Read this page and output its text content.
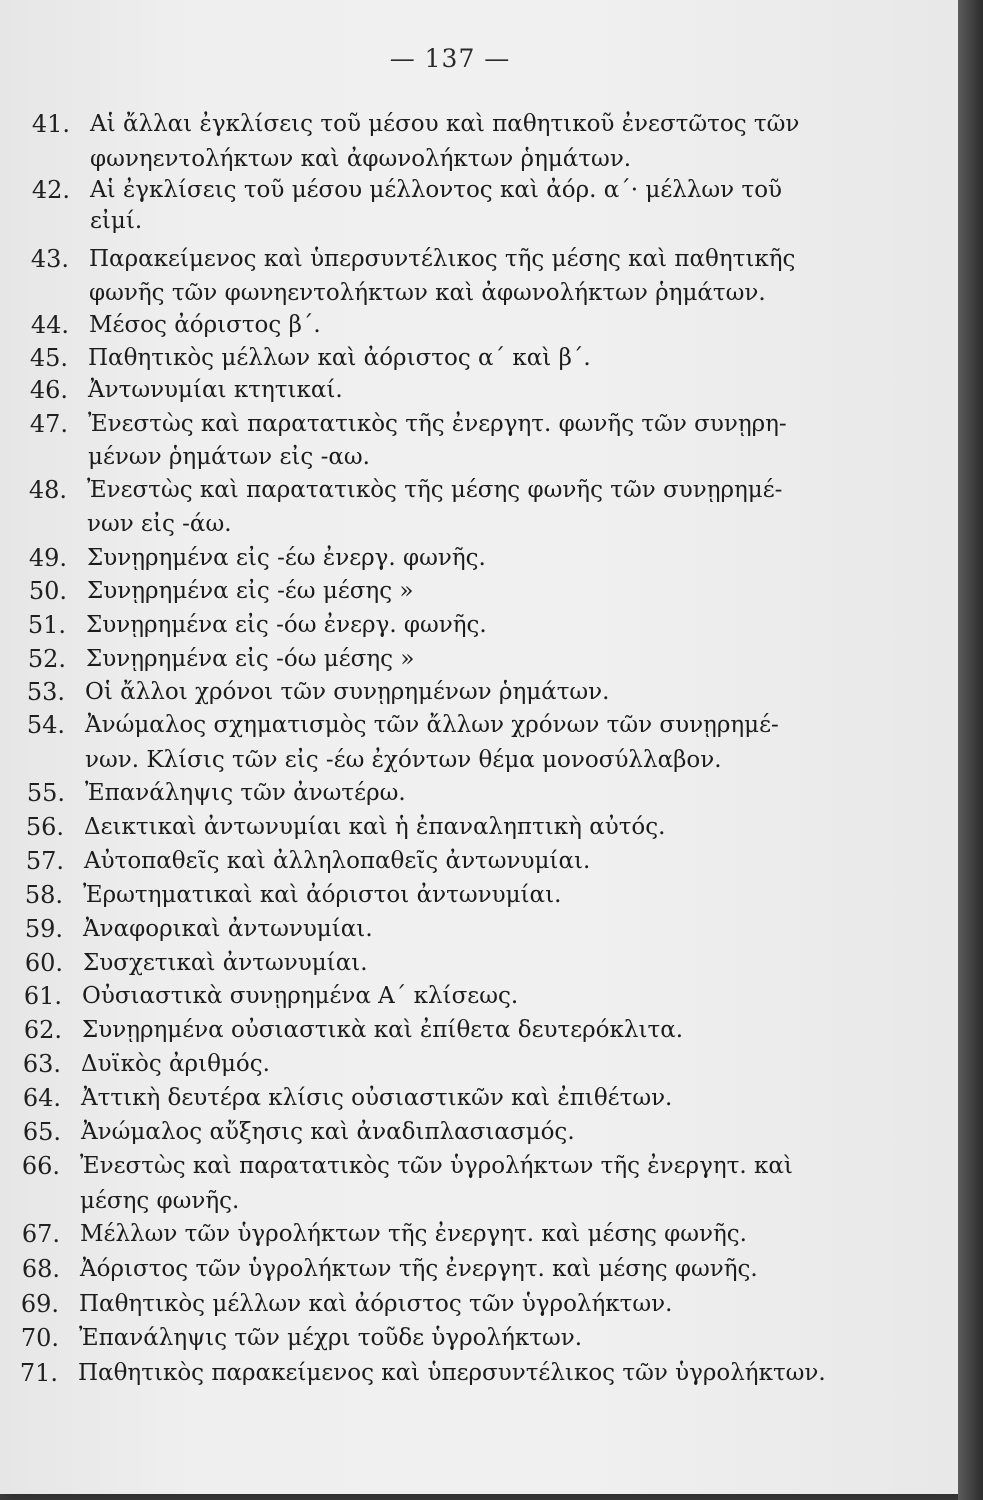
— 137 —
41. Αἱ ἄλλαι ἐγκλίσεις τοῦ μέσου καὶ παθητικοῦ ἐνεστῶτος τῶν
φωνηεντολήκτων καὶ ἀφωνολήκτων ῥημάτων.
42. Αἱ ἐγκλίσεις τοῦ μέσου μέλλοντος καὶ ἀόρ. α΄· μέλλων τοῦ
εἰμί.
43. Παρακείμενος καὶ ὑπερσυντέλικος τῆς μέσης καὶ παθητικῆς
φωνῆς τῶν φωνηεντολήκτων καὶ ἀφωνολήκτων ῥημάτων.
44. Μέσος ἀόριστος β΄.
45. Παθητικὸς μέλλων καὶ ἀόριστος α΄ καὶ β΄.
46. Ἀντωνυμίαι κτητικαί.
47. Ἐνεστὼς καὶ παρατατικὸς τῆς ἐνεργητ. φωνῆς τῶν συνῃρη-
μένων ῥημάτων εἰς -αω.
48. Ἐνεστὼς καὶ παρατατικὸς τῆς μέσης φωνῆς τῶν συνῃρημέ-
νων εἰς -άω.
49. Συνῃρημένα εἰς -έω ἐνεργ. φωνῆς.
50. Συνῃρημένα εἰς -έω μέσης »
51. Συνῃρημένα εἰς -όω ἐνεργ. φωνῆς.
52. Συνῃρημένα εἰς -όω μέσης »
53. Οἱ ἄλλοι χρόνοι τῶν συνῃρημένων ῥημάτων.
54. Ἀνώμαλος σχηματισμὸς τῶν ἄλλων χρόνων τῶν συνῃρημέ-
νων. Κλίσις τῶν εἰς -έω ἐχόντων θέμα μονοσύλλαβον.
55. Ἐπανάληψις τῶν ἀνωτέρω.
56. Δεικτικαὶ ἀντωνυμίαι καὶ ἡ ἐπαναληπτικὴ αὐτός.
57. Αὐτοπαθεῖς καὶ ἀλληλοπαθεῖς ἀντωνυμίαι.
58. Ἐρωτηματικαὶ καὶ ἀόριστοι ἀντωνυμίαι.
59. Ἀναφορικαὶ ἀντωνυμίαι.
60. Συσχετικαὶ ἀντωνυμίαι.
61. Οὐσιαστικὰ συνῃρημένα Α΄ κλίσεως.
62. Συνῃρημένα οὐσιαστικὰ καὶ ἐπίθετα δευτερόκλιτα.
63. Δυϊκὸς ἀριθμός.
64. Ἀττικὴ δευτέρα κλίσις οὐσιαστικῶν καὶ ἐπιθέτων.
65. Ἀνώμαλος αὔξησις καὶ ἀναδιπλασιασμός.
66. Ἐνεστὼς καὶ παρατατικὸς τῶν ὑγρολήκτων τῆς ἐνεργητ. καὶ
μέσης φωνῆς.
67. Μέλλων τῶν ὑγρολήκτων τῆς ἐνεργητ. καὶ μέσης φωνῆς.
68. Ἀόριστος τῶν ὑγρολήκτων τῆς ἐνεργητ. καὶ μέσης φωνῆς.
69. Παθητικὸς μέλλων καὶ ἀόριστος τῶν ὑγρολήκτων.
70. Ἐπανάληψις τῶν μέχρι τοῦδε ὑγρολήκτων.
71. Παθητικὸς παρακείμενος καὶ ὑπερσυντέλικος τῶν ὑγρολήκτων.
